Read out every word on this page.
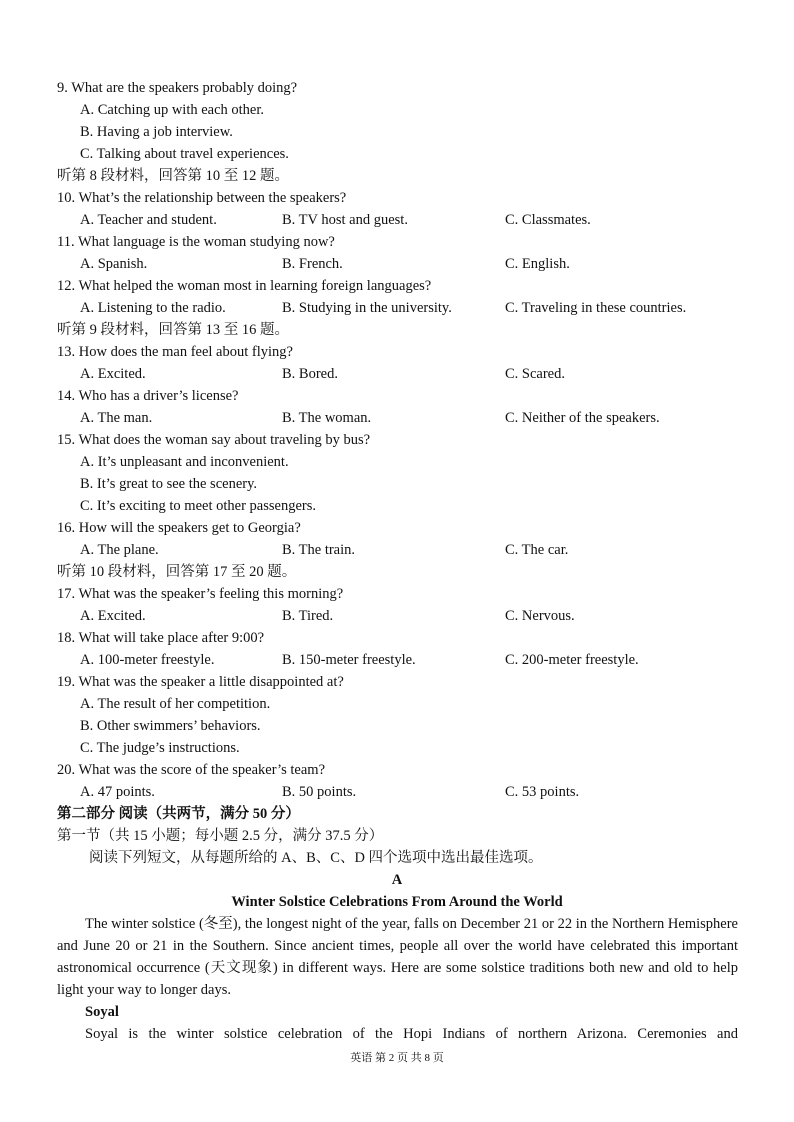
9. What are the speakers probably doing?
A. Catching up with each other.
B. Having a job interview.
C. Talking about travel experiences.
听第 8 段材料，回答第 10 至 12 题。
10. What’s the relationship between the speakers?
A. Teacher and student.	B. TV host and guest.	C. Classmates.
11. What language is the woman studying now?
A. Spanish.	B. French.	C. English.
12. What helped the woman most in learning foreign languages?
A. Listening to the radio.	B. Studying in the university.	C. Traveling in these countries.
听第 9 段材料，回答第 13 至 16 题。
13. How does the man feel about flying?
A. Excited.	B. Bored.	C. Scared.
14. Who has a driver’s license?
A. The man.	B. The woman.	C. Neither of the speakers.
15. What does the woman say about traveling by bus?
A. It’s unpleasant and inconvenient.
B. It’s great to see the scenery.
C. It’s exciting to meet other passengers.
16. How will the speakers get to Georgia?
A. The plane.	B. The train.	C. The car.
听第 10 段材料，回答第 17 至 20 题。
17. What was the speaker’s feeling this morning?
A. Excited.	B. Tired.	C. Nervous.
18. What will take place after 9:00?
A. 100-meter freestyle.	B. 150-meter freestyle.	C. 200-meter freestyle.
19. What was the speaker a little disappointed at?
A. The result of her competition.
B. Other swimmers’ behaviors.
C. The judge’s instructions.
20. What was the score of the speaker’s team?
A. 47 points.	B. 50 points.	C. 53 points.
第二部分 阅读（共两节，满分 50 分）
第一节（共 15 小题；每小题 2.5 分，满分 37.5 分）
阅读下列短文，从每题所给的 A、B、C、D 四个选项中选出最佳选项。
A
Winter Solstice Celebrations From Around the World
The winter solstice (冬至), the longest night of the year, falls on December 21 or 22 in the Northern Hemisphere and June 20 or 21 in the Southern. Since ancient times, people all over the world have celebrated this important astronomical occurrence (天文现象) in different ways. Here are some solstice traditions both new and old to help light your way to longer days.
Soyal
Soyal is the winter solstice celebration of the Hopi Indians of northern Arizona. Ceremonies and
英语 第 2 页 共 8 页
